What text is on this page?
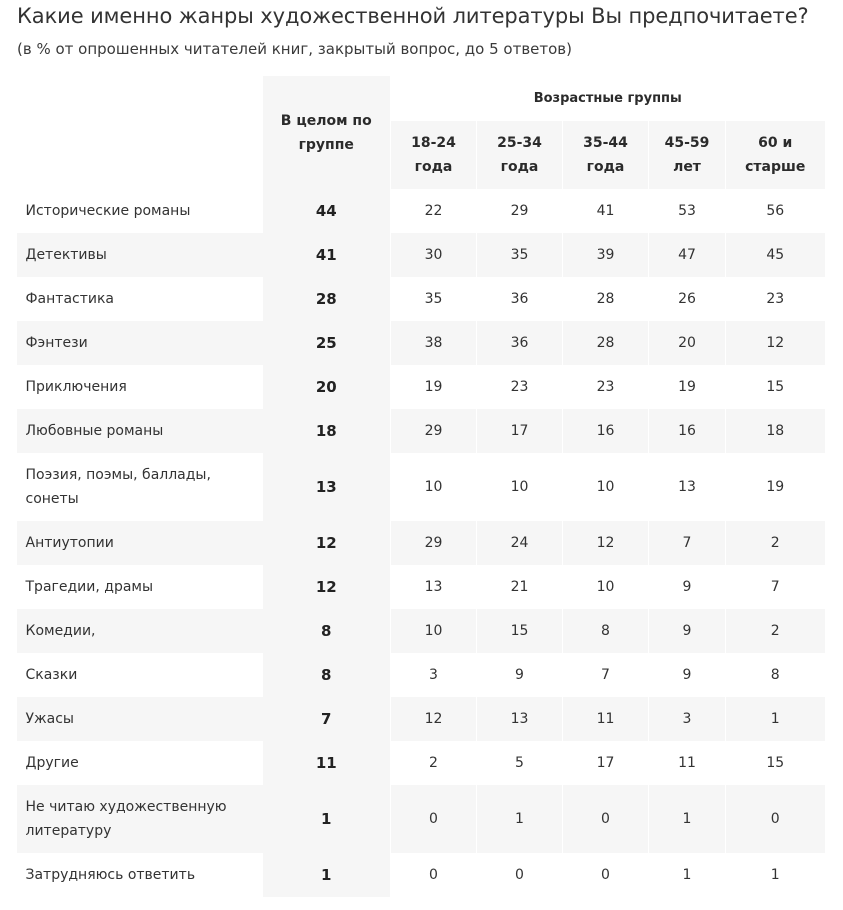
Какие именно жанры художественной литературы Вы предпочитаете?
(в % от опрошенных читателей книг, закрытый вопрос, до 5 ответов)
	В целом по группе	Возрастные группы				
		18-24 года	25-34 года	35-44 года	45-59 лет	60 и старше
Исторические романы	44	22	29	41	53	56
Детективы	41	30	35	39	47	45
Фантастика	28	35	36	28	26	23
Фэнтези	25	38	36	28	20	12
Приключения	20	19	23	23	19	15
Любовные романы	18	29	17	16	16	18
Поэзия, поэмы, баллады, сонеты	13	10	10	10	13	19
Антиутопии	12	29	24	12	7	2
Трагедии, драмы	12	13	21	10	9	7
Комедии,	8	10	15	8	9	2
Сказки	8	3	9	7	9	8
Ужасы	7	12	13	11	3	1
Другие	11	2	5	17	11	15
Не читаю художественную литературу	1	0	1	0	1	0
Затрудняюсь ответить	1	0	0	0	1	1
